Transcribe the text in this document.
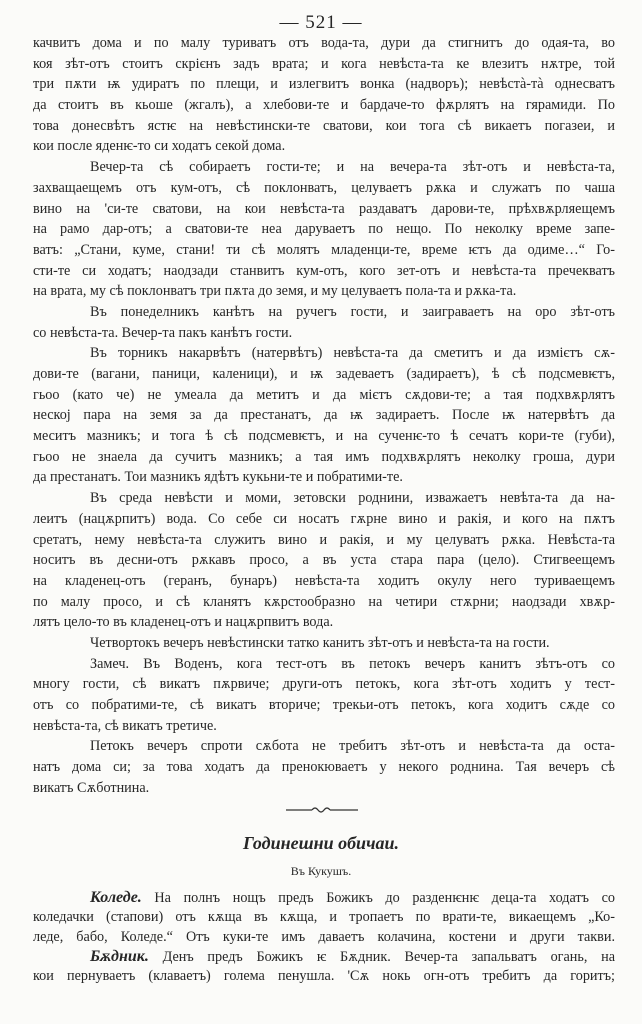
— 521 —
качвитъ дома и по малу туриватъ отъ вода-та, дури да стигнитъ до одая-та, во
коя зѣт-отъ стоитъ скрієнъ задъ врата; и кога невѣста-та ке влезитъ нѫтре, той
три пѫти ѭ удиратъ по плещи, и излегвитъ вонка (надворъ); невѣстà-тà однесватъ
да стоитъ въ кьоше (жгалъ), а хлебови-те и бардаче-то фѫрлятъ на гярамиди. По
това донесвѣтъ ястѥ на невѣстински-те сватови, кои тога сѣ викаетъ погазеи, и
кои после яденѥ-то си ходатъ секой дома.
Вечер-та сѣ собираетъ гости-те; и на вечера-та зѣт-отъ и невѣста-та,
захващаещемъ отъ кум-отъ, сѣ поклонватъ, целуваетъ рѫка и служатъ по чаша
вино на 'си-те сватови, на кои невѣста-та раздаватъ дарови-те, прѣхвѫрляещемъ
на рамо дар-отъ; а сватови-те неа даруваетъ по нещо. По неколку време запе-
ватъ: „Стани, куме, стани! ти сѣ молятъ младенци-те, време ѥтъ да одиме…“ Го-
сти-те си ходатъ; наодзади станвитъ кум-отъ, кого зет-отъ и невѣста-та пречекватъ
на врата, му сѣ поклонватъ три пѫта до земя, и му целуваетъ пола-та и рѫка-та.
Въ понеделникъ канѣтъ на ручегъ гости, и заиграваетъ на оро зѣт-отъ
со невѣста-та. Вечер-та пакъ канѣтъ гости.
Въ торникъ накарвѣтъ (натервѣтъ) невѣста-та да сметитъ и да измієтъ сѫ-
дови-те (вагани, паници, каленици), и ѭ задеваетъ (задираетъ), ѣ сѣ подсмевѥтъ,
гьоо (като че) не умеала да метитъ и да мієтъ сѫдови-те; а тая подхвѫрлятъ
неској пара на земя за да престанатъ, да ѭ задираетъ. После ѭ натервѣтъ да
меситъ мазникъ; и тога ѣ сѣ подсмевѥтъ, и на сученѥ-то ѣ сечатъ кори-те (губи),
гьоо не знаела да сучитъ мазникъ; а тая имъ подхвѫрлятъ неколку гроша, дури
да престанатъ. Тои мазникъ ядѣтъ кукьни-те и побратими-те.
Въ среда невѣсти и моми, зетовски роднини, изважаетъ невѣта-та да на-
леитъ (нацѫрпитъ) вода. Со себе си носатъ гѫрне вино и ракія, и кого на пѫтъ
сретатъ, нему невѣста-та служитъ вино и ракія, и му целуватъ рѫка. Невѣста-та
носитъ въ десни-отъ рѫкавъ просо, а въ уста стара пара (цело). Стигвеещемъ
на кладенец-отъ (геранъ, бунаръ) невѣста-та ходитъ окулу него туриваещемъ
по малу просо, и сѣ кланятъ кѫрстообразно на четири стѫрни; наодзади хвѫр-
лятъ цело-то въ кладенец-отъ и нацѫрпвитъ вода.
Четвортокъ вечеръ невѣстински татко канитъ зѣт-отъ и невѣста-та на гости.
Замеч. Въ Воденъ, кога тест-отъ въ петокъ вечеръ канитъ зѣтъ-отъ со
многу гости, сѣ викатъ пѫрвиче; други-отъ петокъ, кога зѣт-отъ ходитъ у тест-
отъ со побратими-те, сѣ викатъ вториче; трекьи-отъ петокъ, кога ходитъ сѫде со
невѣста-та, сѣ викатъ третиче.
Петокъ вечеръ спроти сѫбота не требитъ зѣт-отъ и невѣста-та да оста-
натъ дома си; за това ходатъ да пренокюваетъ у некого роднина. Тая вечеръ сѣ
викатъ Сѫботнина.
Годинешни обичаи.
Въ Кукушъ.
Коледе. На полнъ нощъ предъ Божикъ до разденѥнѥ деца-та ходатъ со
коледачки (стапови) отъ кѫща въ кѫща, и тропаетъ по врати-те, викаещемъ „Ко-
леде, бабо, Коледе.“ Отъ куки-те имъ даваетъ колачина, костени и други такви.
Бѫдник. Денъ предъ Божикъ ѥ Бѫдник. Вечер-та запальватъ огань, на
кои пернуваетъ (клаваетъ) голема пенушла. 'Сѫ нокь огн-отъ требитъ да горитъ;
